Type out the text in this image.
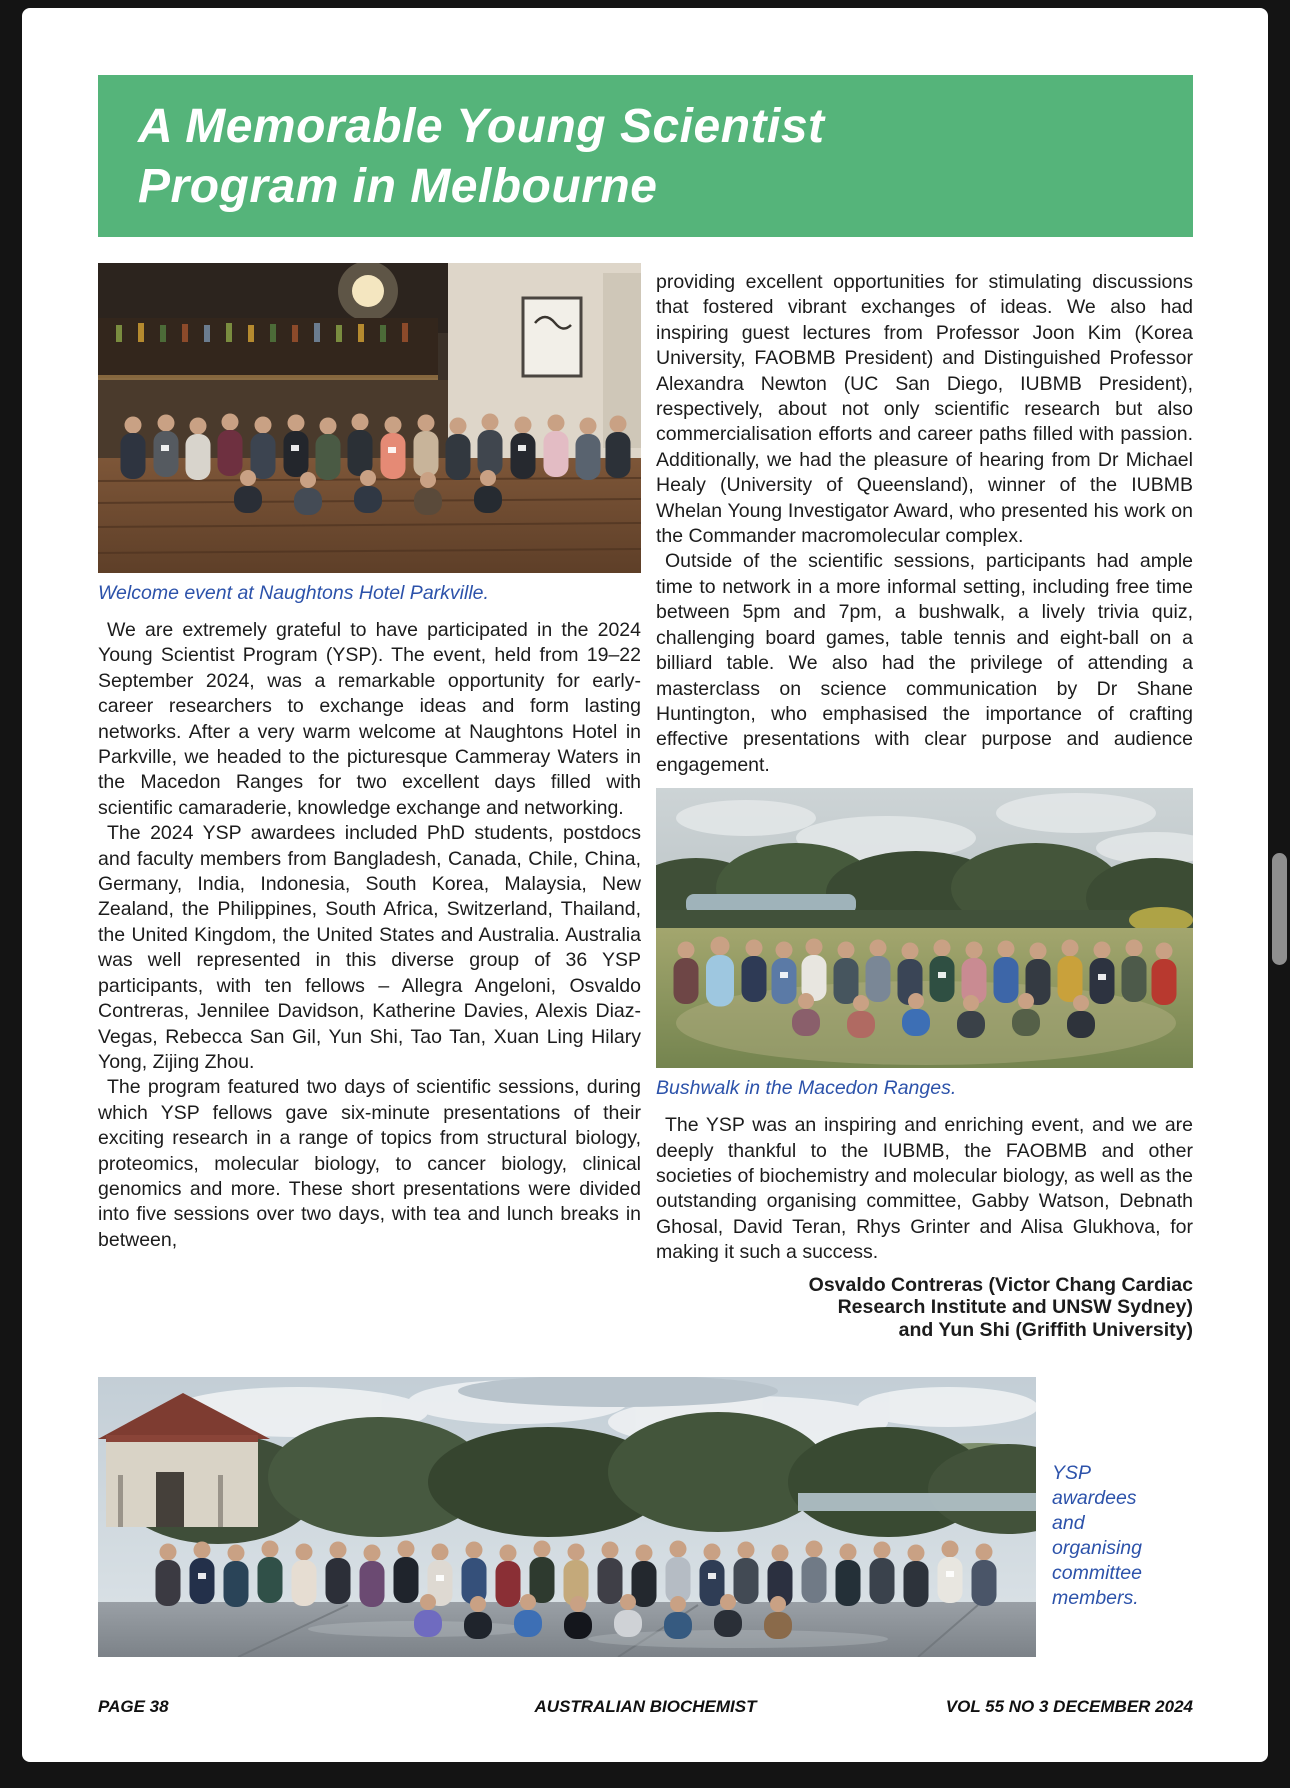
A Memorable Young Scientist
Program in Melbourne
Welcome event at Naughtons Hotel Parkville.

We are extremely grateful to have participated in the 2024 Young Scientist Program (YSP). The event, held from 19–22 September 2024, was a remarkable opportunity for early-career researchers to exchange ideas and form lasting networks. After a very warm welcome at Naughtons Hotel in Parkville, we headed to the picturesque Cammeray Waters in the Macedon Ranges for two excellent days filled with scientific camaraderie, knowledge exchange and networking.

The 2024 YSP awardees included PhD students, postdocs and faculty members from Bangladesh, Canada, Chile, China, Germany, India, Indonesia, South Korea, Malaysia, New Zealand, the Philippines, South Africa, Switzerland, Thailand, the United Kingdom, the United States and Australia. Australia was well represented in this diverse group of 36 YSP participants, with ten fellows – Allegra Angeloni, Osvaldo Contreras, Jennilee Davidson, Katherine Davies, Alexis Diaz-Vegas, Rebecca San Gil, Yun Shi, Tao Tan, Xuan Ling Hilary Yong, Zijing Zhou.

The program featured two days of scientific sessions, during which YSP fellows gave six-minute presentations of their exciting research in a range of topics from structural biology, proteomics, molecular biology, to cancer biology, clinical genomics and more. These short presentations were divided into five sessions over two days, with tea and lunch breaks in between,

providing excellent opportunities for stimulating discussions that fostered vibrant exchanges of ideas. We also had inspiring guest lectures from Professor Joon Kim (Korea University, FAOBMB President) and Distinguished Professor Alexandra Newton (UC San Diego, IUBMB President), respectively, about not only scientific research but also commercialisation efforts and career paths filled with passion. Additionally, we had the pleasure of hearing from Dr Michael Healy (University of Queensland), winner of the IUBMB Whelan Young Investigator Award, who presented his work on the Commander macromolecular complex.

Outside of the scientific sessions, participants had ample time to network in a more informal setting, including free time between 5pm and 7pm, a bushwalk, a lively trivia quiz, challenging board games, table tennis and eight-ball on a billiard table. We also had the privilege of attending a masterclass on science communication by Dr Shane Huntington, who emphasised the importance of crafting effective presentations with clear purpose and audience engagement.

Bushwalk in the Macedon Ranges.

The YSP was an inspiring and enriching event, and we are deeply thankful to the IUBMB, the FAOBMB and other societies of biochemistry and molecular biology, as well as the outstanding organising committee, Gabby Watson, Debnath Ghosal, David Teran, Rhys Grinter and Alisa Glukhova, for making it such a success.

Osvaldo Contreras (Victor Chang Cardiac
Research Institute and UNSW Sydney)
and Yun Shi (Griffith University)
YSP awardees and organising committee members.
PAGE 38	AUSTRALIAN BIOCHEMIST	VOL 55 NO 3 DECEMBER 2024
